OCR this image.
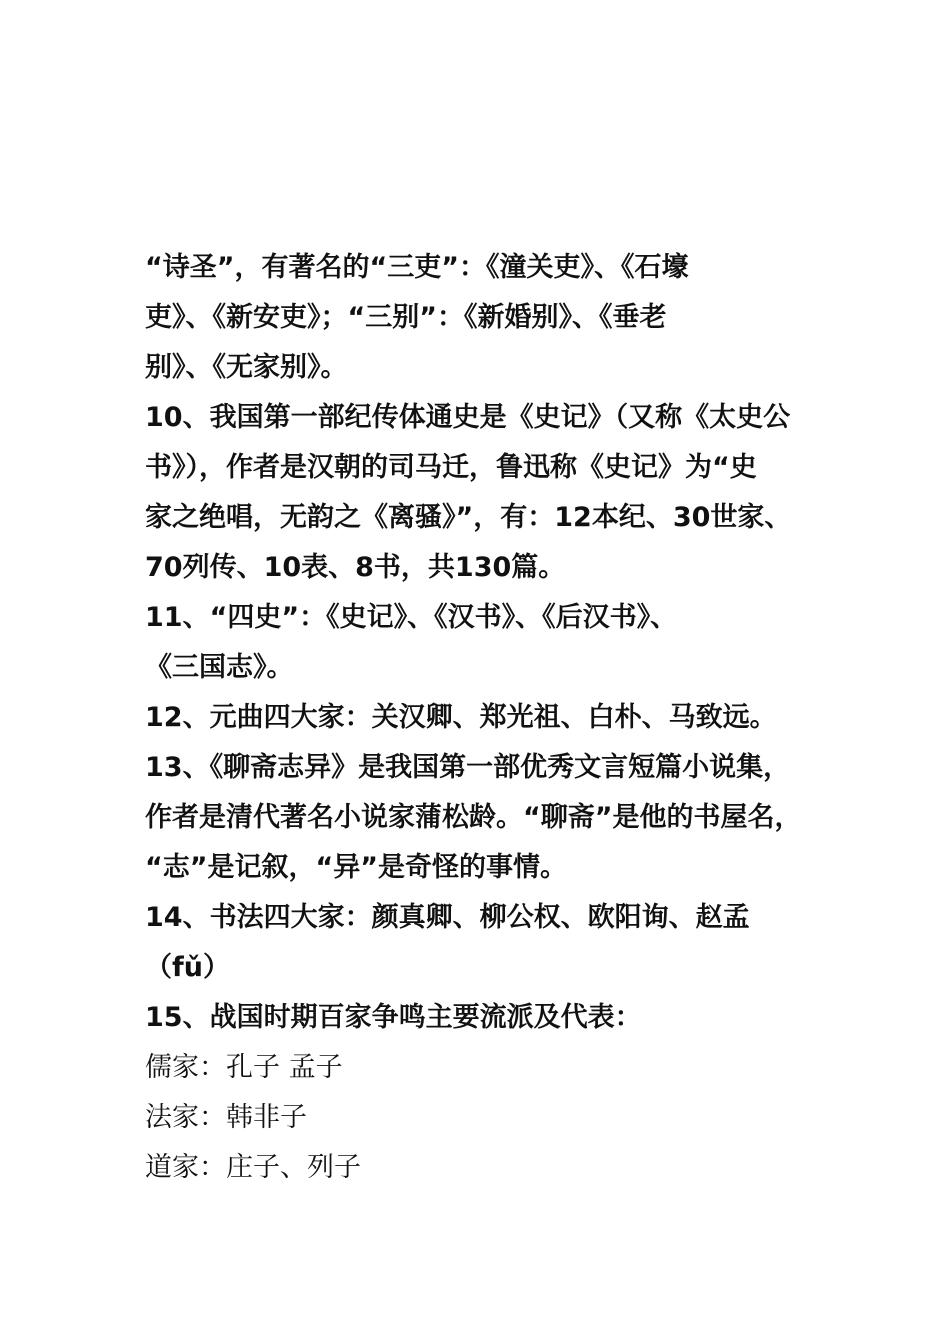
“诗圣”，有著名的“三吏”：《潼关吏》、《石壕
吏》、《新安吏》；“三别”：《新婚别》、《垂老
别》、《无家别》。
10、我国第一部纪传体通史是《史记》（又称《太史公
书》），作者是汉朝的司马迁，鲁迅称《史记》为“史
家之绝唱，无韵之《离骚》”，有：12本纪、30世家、
70列传、10表、8书，共130篇。
11、“四史”：《史记》、《汉书》、《后汉书》、
《三国志》。
12、元曲四大家：关汉卿、郑光祖、白朴、马致远。
13、《聊斋志异》是我国第一部优秀文言短篇小说集，
作者是清代著名小说家蒲松龄。“聊斋”是他的书屋名，
“志”是记叙，“异”是奇怪的事情。
14、书法四大家：颜真卿、柳公权、欧阳询、赵孟
（fǔ）
15、战国时期百家争鸣主要流派及代表：
儒家：孔子 孟子
法家：韩非子
道家：庄子、列子
